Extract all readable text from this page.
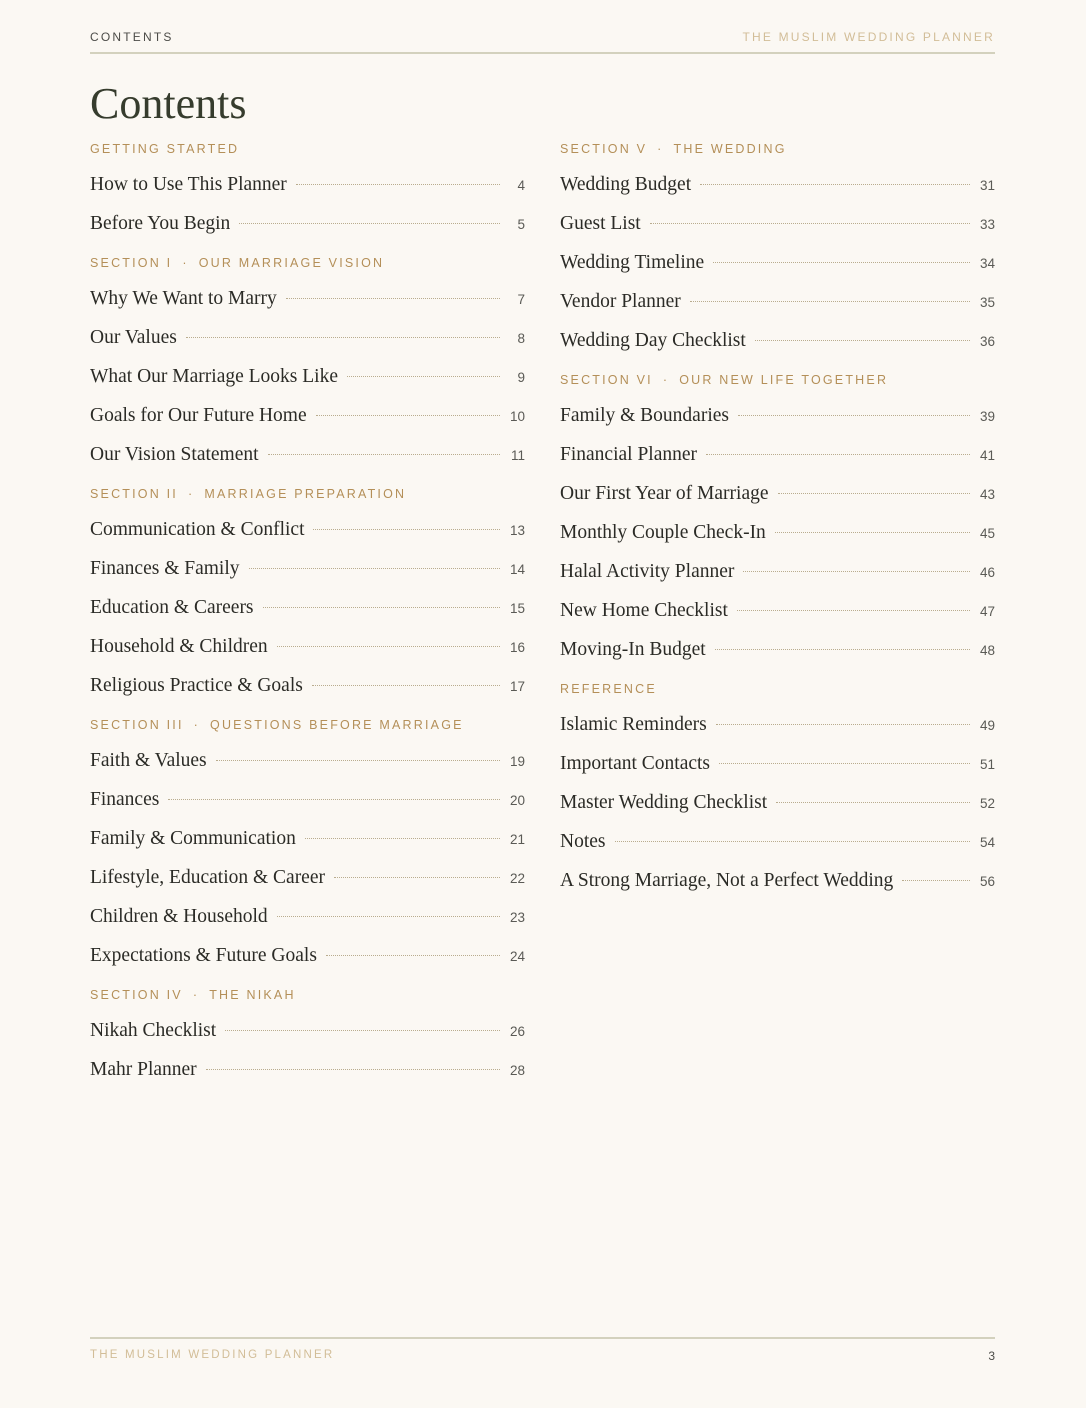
CONTENTS	THE MUSLIM WEDDING PLANNER
Contents
GETTING STARTED
How to Use This Planner	4
Before You Begin	5
SECTION I · OUR MARRIAGE VISION
Why We Want to Marry	7
Our Values	8
What Our Marriage Looks Like	9
Goals for Our Future Home	10
Our Vision Statement	11
SECTION II · MARRIAGE PREPARATION
Communication & Conflict	13
Finances & Family	14
Education & Careers	15
Household & Children	16
Religious Practice & Goals	17
SECTION III · QUESTIONS BEFORE MARRIAGE
Faith & Values	19
Finances	20
Family & Communication	21
Lifestyle, Education & Career	22
Children & Household	23
Expectations & Future Goals	24
SECTION IV · THE NIKAH
Nikah Checklist	26
Mahr Planner	28
SECTION V · THE WEDDING
Wedding Budget	31
Guest List	33
Wedding Timeline	34
Vendor Planner	35
Wedding Day Checklist	36
SECTION VI · OUR NEW LIFE TOGETHER
Family & Boundaries	39
Financial Planner	41
Our First Year of Marriage	43
Monthly Couple Check-In	45
Halal Activity Planner	46
New Home Checklist	47
Moving-In Budget	48
REFERENCE
Islamic Reminders	49
Important Contacts	51
Master Wedding Checklist	52
Notes	54
A Strong Marriage, Not a Perfect Wedding	56
THE MUSLIM WEDDING PLANNER	3
